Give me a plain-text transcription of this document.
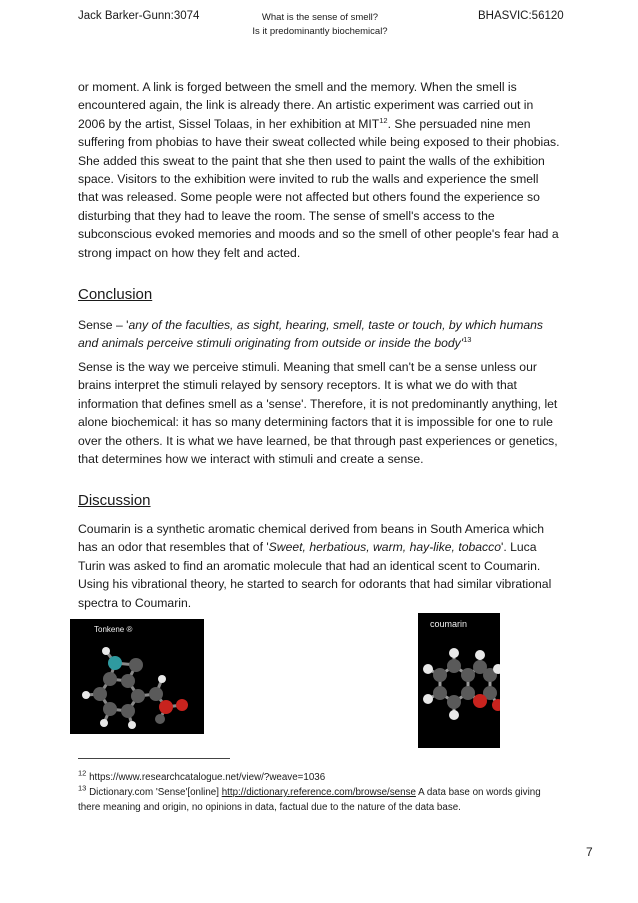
Jack Barker-Gunn:3074	What is the sense of smell?
Is it predominantly biochemical?
BHASVIC:56120

or moment. A link is forged between the smell and the memory. When the smell is encountered again, the link is already there. An artistic experiment was carried out in 2006 by the artist, Sissel Tolaas, in her exhibition at MIT$^{12}$. She persuaded nine men suffering from phobias to have their sweat collected while being exposed to their phobias. She added this sweat to the paint that she then used to paint the walls of the exhibition space. Visitors to the exhibition were invited to rub the walls and experience the smell that was released. Some people were not affected but others found the experience so disturbing that they had to leave the room. The sense of smell's access to the subconscious evoked memories and moods and so the smell of other people's fear had a strong impact on how they felt and acted.

Conclusion

Sense – 'any of the faculties, as sight, hearing, smell, taste or touch, by which humans and animals perceive stimuli originating from outside or inside the $body'^{13}$

Sense is the way we perceive stimuli. Meaning that smell can't be a sense unless our brains interpret the stimuli relayed by sensory receptors. It is what we do with that information that defines smell as a 'sense'. Therefore, it is not predominantly anything, let alone biochemical: it has so many determining factors that it is impossible for one to rule over the others. It is what we have learned, be that through past experiences or genetics, that determines how we interact with stimuli and create a sense.

Discussion

Coumarin is a synthetic aromatic chemical derived from beans in South America which has an odor that resembles that of 'Sweet, herbatious, warm, hay-like, tobacco'. Luca Turin was asked to find an aromatic molecule that had an identical scent to Coumarin. Using his vibrational theory, he started to search for odorants that had similar vibrational spectra to Coumarin.

Tonkene ®
coumarin

$^{12}$ https://www.researchcatalogue.net/view/?weave=1036

$^{13}$ Dictionary.com 'Sense'[online] http://dictionary.reference.com/browse/sense A data base on words giving there meaning and origin, no opinions in data, factual due to the nature of the data base.

7
